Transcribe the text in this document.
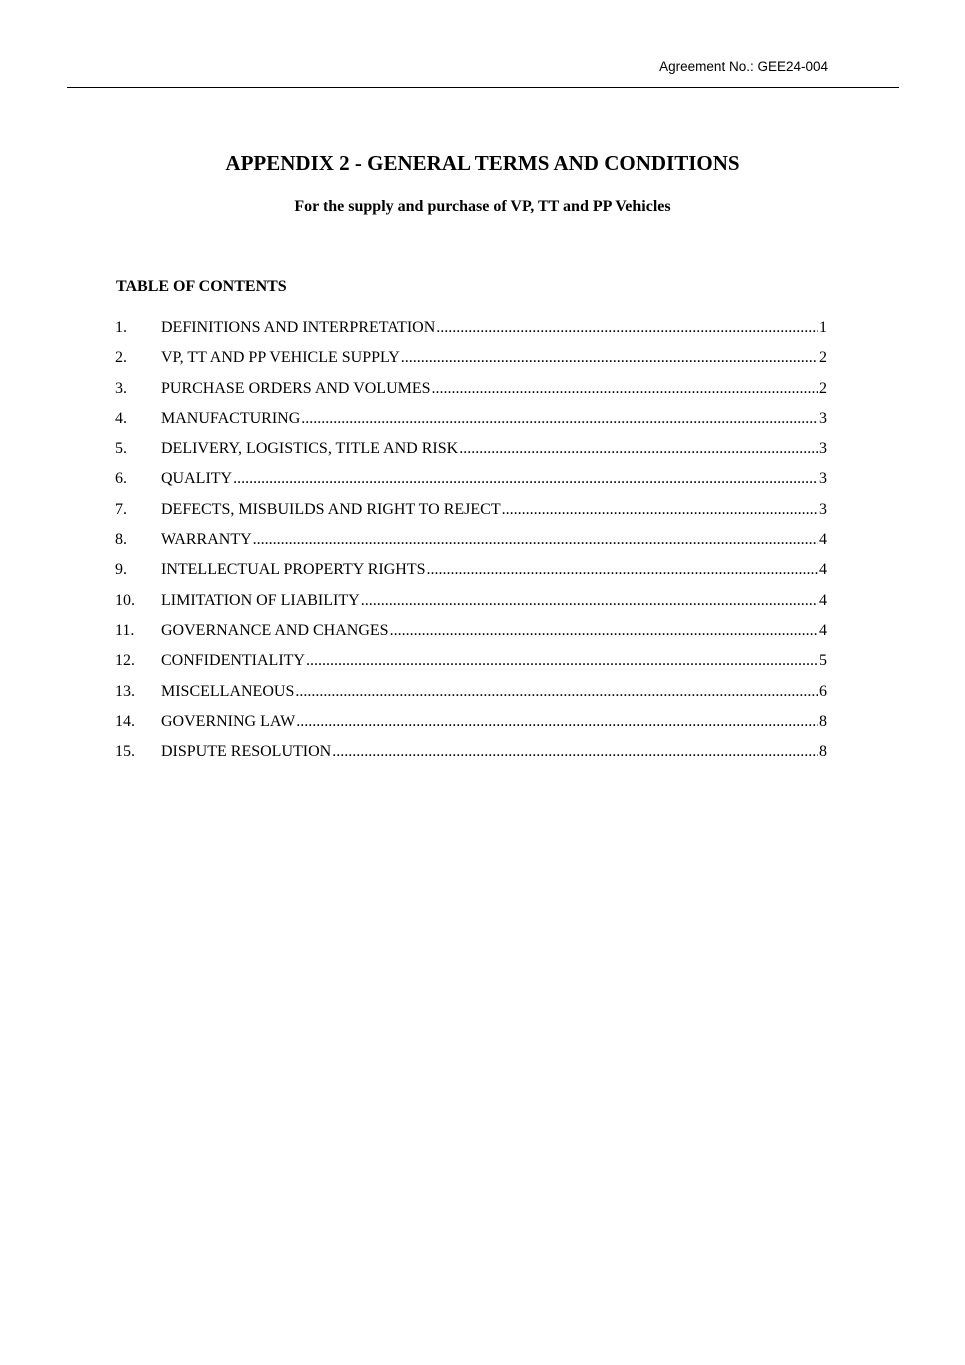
Agreement No.: GEE24-004
APPENDIX 2 - GENERAL TERMS AND CONDITIONS
For the supply and purchase of VP, TT and PP Vehicles
TABLE OF CONTENTS
1.	DEFINITIONS AND INTERPRETATION .....	1
2.	VP, TT AND PP VEHICLE SUPPLY .....	2
3.	PURCHASE ORDERS AND VOLUMES .....	2
4.	MANUFACTURING .....	3
5.	DELIVERY, LOGISTICS, TITLE AND RISK .....	3
6.	QUALITY .....	3
7.	DEFECTS, MISBUILDS AND RIGHT TO REJECT .....	3
8.	WARRANTY .....	4
9.	INTELLECTUAL PROPERTY RIGHTS .....	4
10.	LIMITATION OF LIABILITY .....	4
11.	GOVERNANCE AND CHANGES .....	4
12.	CONFIDENTIALITY .....	5
13.	MISCELLANEOUS .....	6
14.	GOVERNING LAW .....	8
15.	DISPUTE RESOLUTION .....	8
